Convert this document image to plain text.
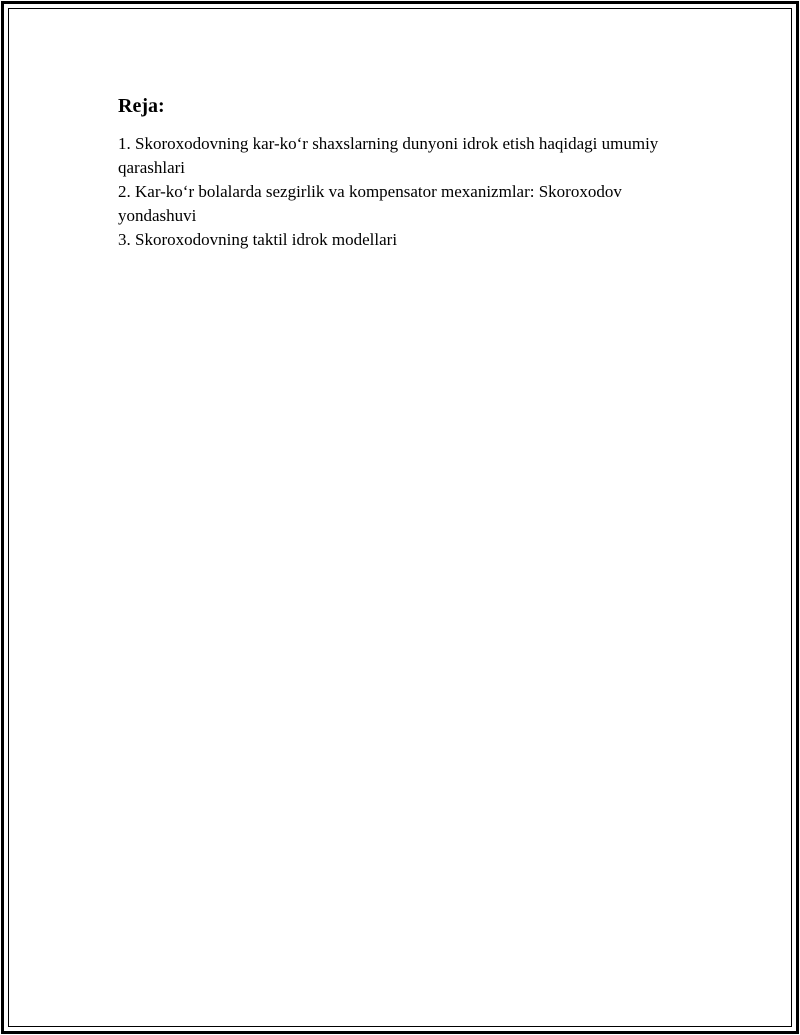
Reja:
1. Skoroxodovning kar-ko‘r shaxslarning dunyoni idrok etish haqidagi umumiy qarashlari
2. Kar-ko‘r bolalarda sezgirlik va kompensator mexanizmlar: Skoroxodov yondashuvi
3. Skoroxodovning taktil idrok modellari
